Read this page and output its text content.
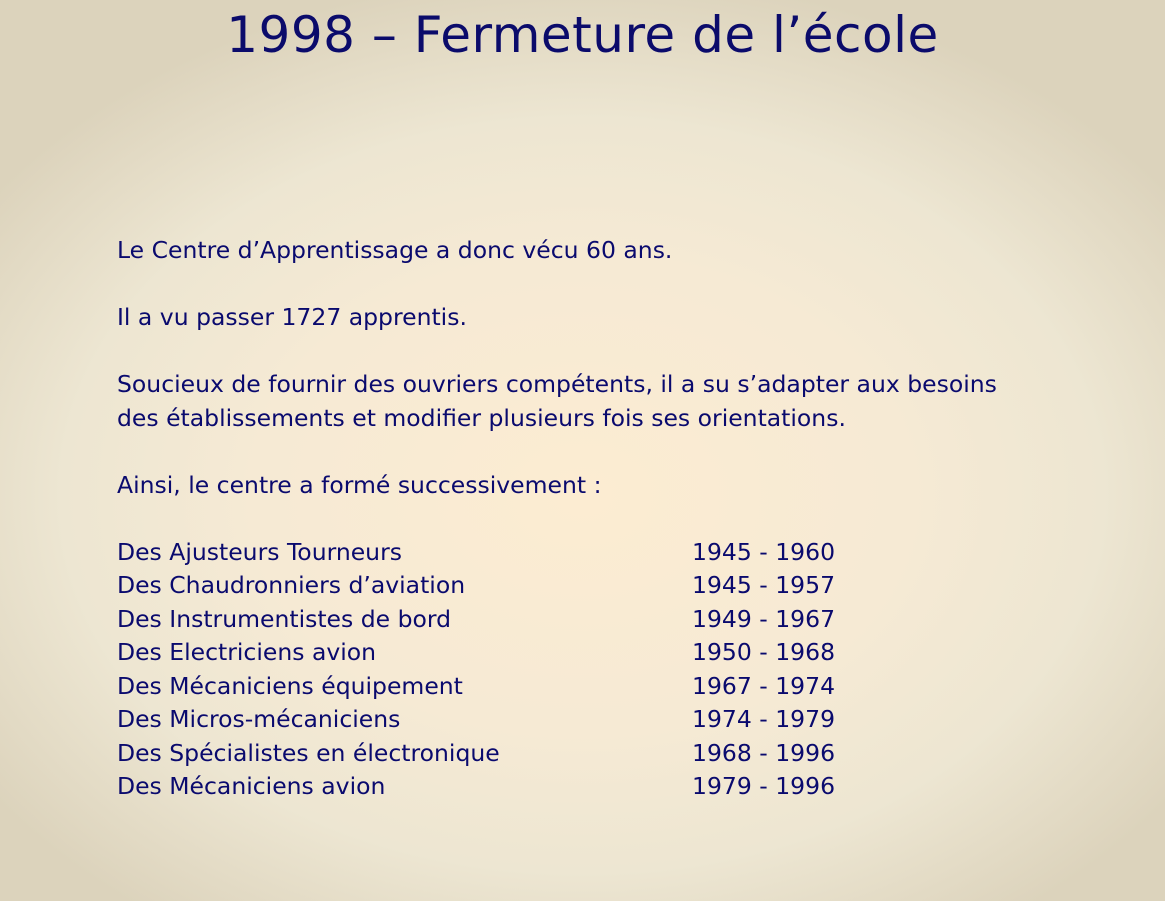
1998 – Fermeture de l’école

Le Centre d’Apprentissage a donc vécu 60 ans.

Il a vu passer 1727 apprentis.

Soucieux de fournir des ouvriers compétents, il a su s’adapter aux besoins

des établissements et modifier plusieurs fois ses orientations.

Ainsi, le centre a formé successivement :

Des Ajusteurs Tourneurs	1945 - 1960
Des Chaudronniers d’aviation	1945 - 1957
Des Instrumentistes de bord	1949 - 1967
Des Electriciens avion	1950 - 1968
Des Mécaniciens équipement	1967 - 1974
Des Micros-mécaniciens	1974 - 1979
Des Spécialistes en électronique	1968 - 1996
Des Mécaniciens avion	1979 - 1996
